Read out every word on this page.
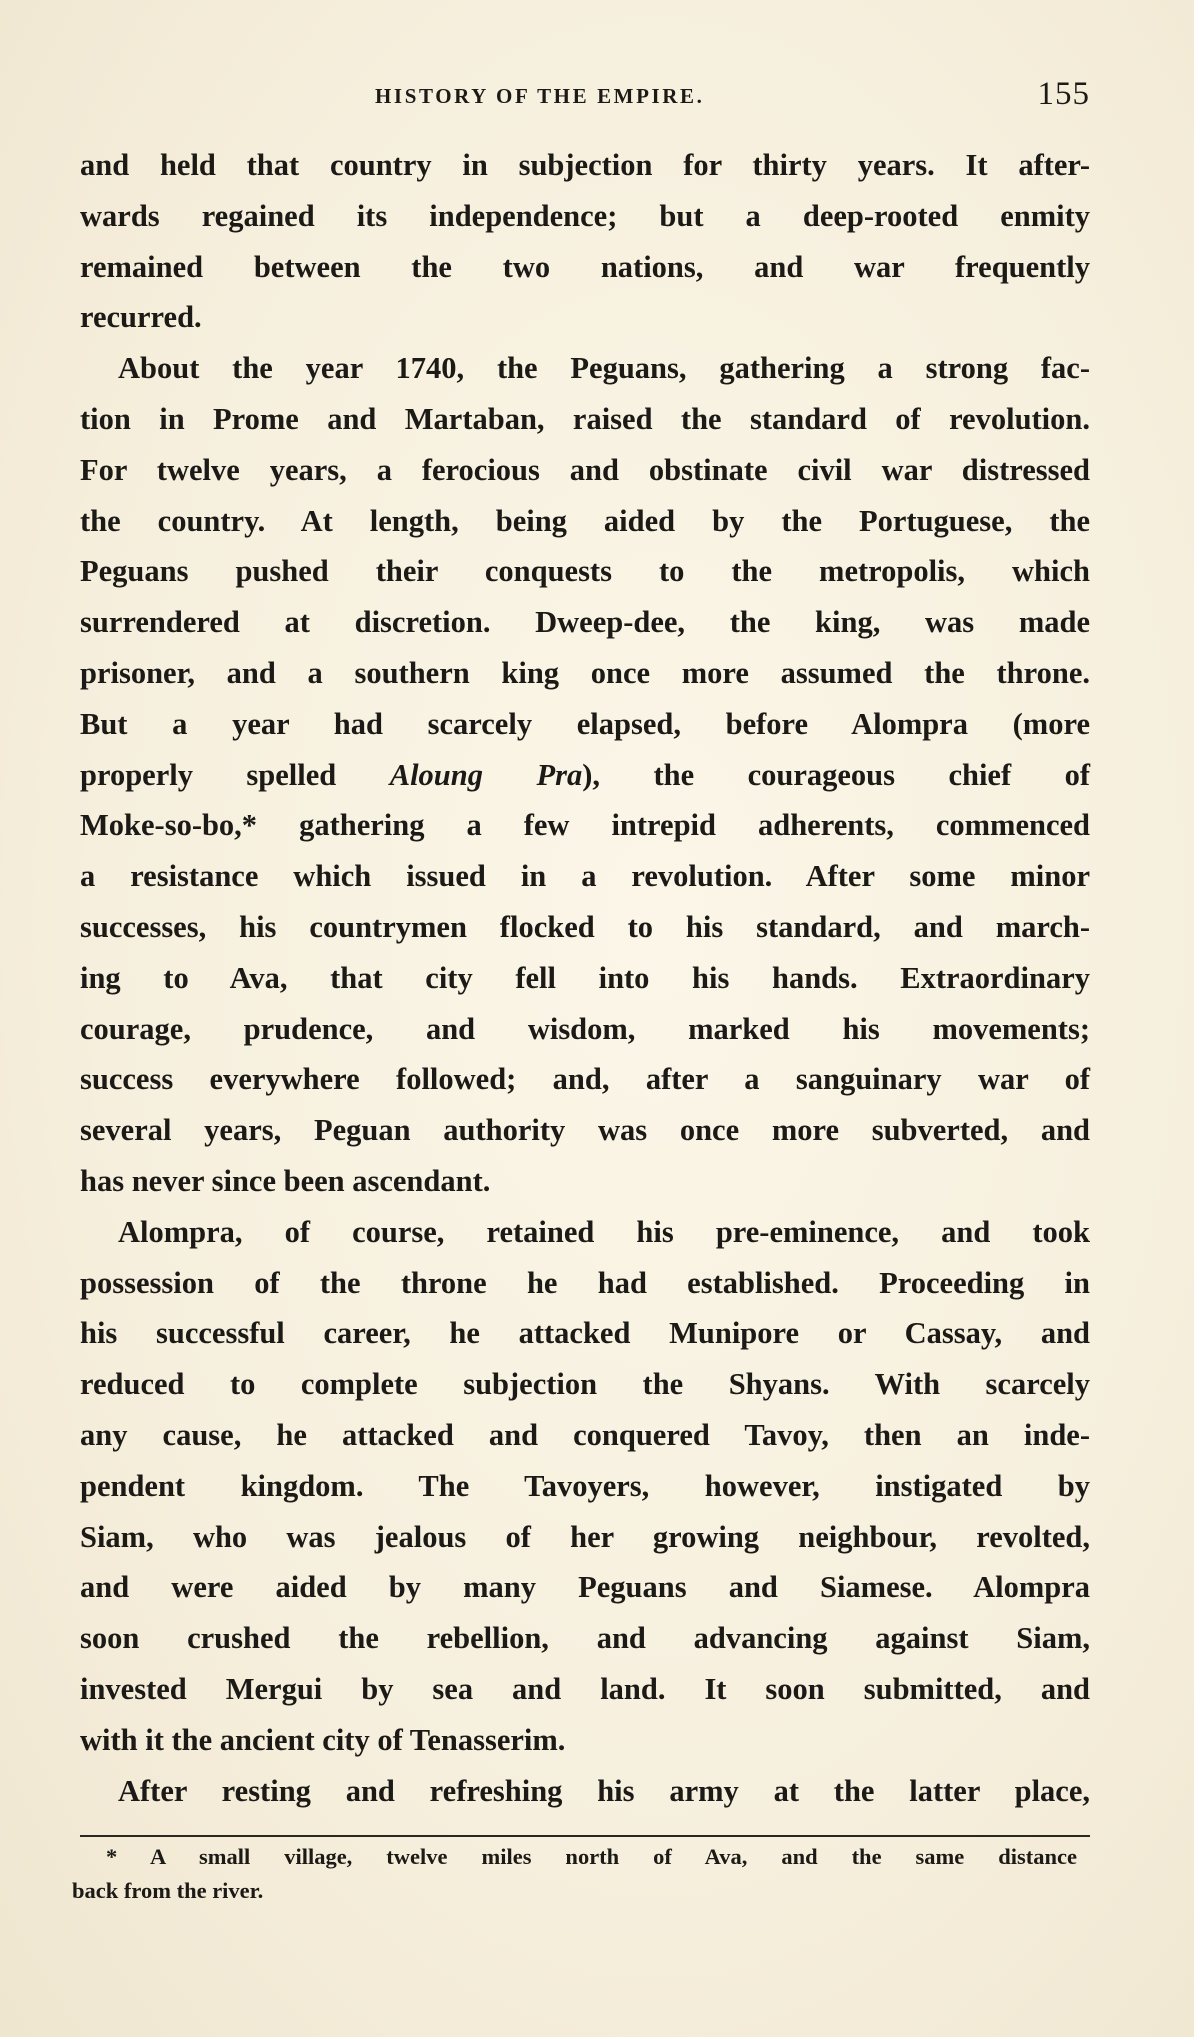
HISTORY OF THE EMPIRE.	155
and held that country in subjection for thirty years. It after-
wards regained its independence; but a deep-rooted enmity
remained between the two nations, and war frequently
recurred.
About the year 1740, the Peguans, gathering a strong fac-
tion in Prome and Martaban, raised the standard of revolution.
For twelve years, a ferocious and obstinate civil war distressed
the country. At length, being aided by the Portuguese, the
Peguans pushed their conquests to the metropolis, which
surrendered at discretion. Dweep-dee, the king, was made
prisoner, and a southern king once more assumed the throne.
But a year had scarcely elapsed, before Alompra (more
properly spelled Aloung Pra), the courageous chief of
Moke-so-bo,* gathering a few intrepid adherents, commenced
a resistance which issued in a revolution. After some minor
successes, his countrymen flocked to his standard, and march-
ing to Ava, that city fell into his hands. Extraordinary
courage, prudence, and wisdom, marked his movements;
success everywhere followed; and, after a sanguinary war of
several years, Peguan authority was once more subverted, and
has never since been ascendant.
Alompra, of course, retained his pre-eminence, and took
possession of the throne he had established. Proceeding in
his successful career, he attacked Munipore or Cassay, and
reduced to complete subjection the Shyans. With scarcely
any cause, he attacked and conquered Tavoy, then an inde-
pendent kingdom. The Tavoyers, however, instigated by
Siam, who was jealous of her growing neighbour, revolted,
and were aided by many Peguans and Siamese. Alompra
soon crushed the rebellion, and advancing against Siam,
invested Mergui by sea and land. It soon submitted, and
with it the ancient city of Tenasserim.
After resting and refreshing his army at the latter place,
* A small village, twelve miles north of Ava, and the same distance
back from the river.
